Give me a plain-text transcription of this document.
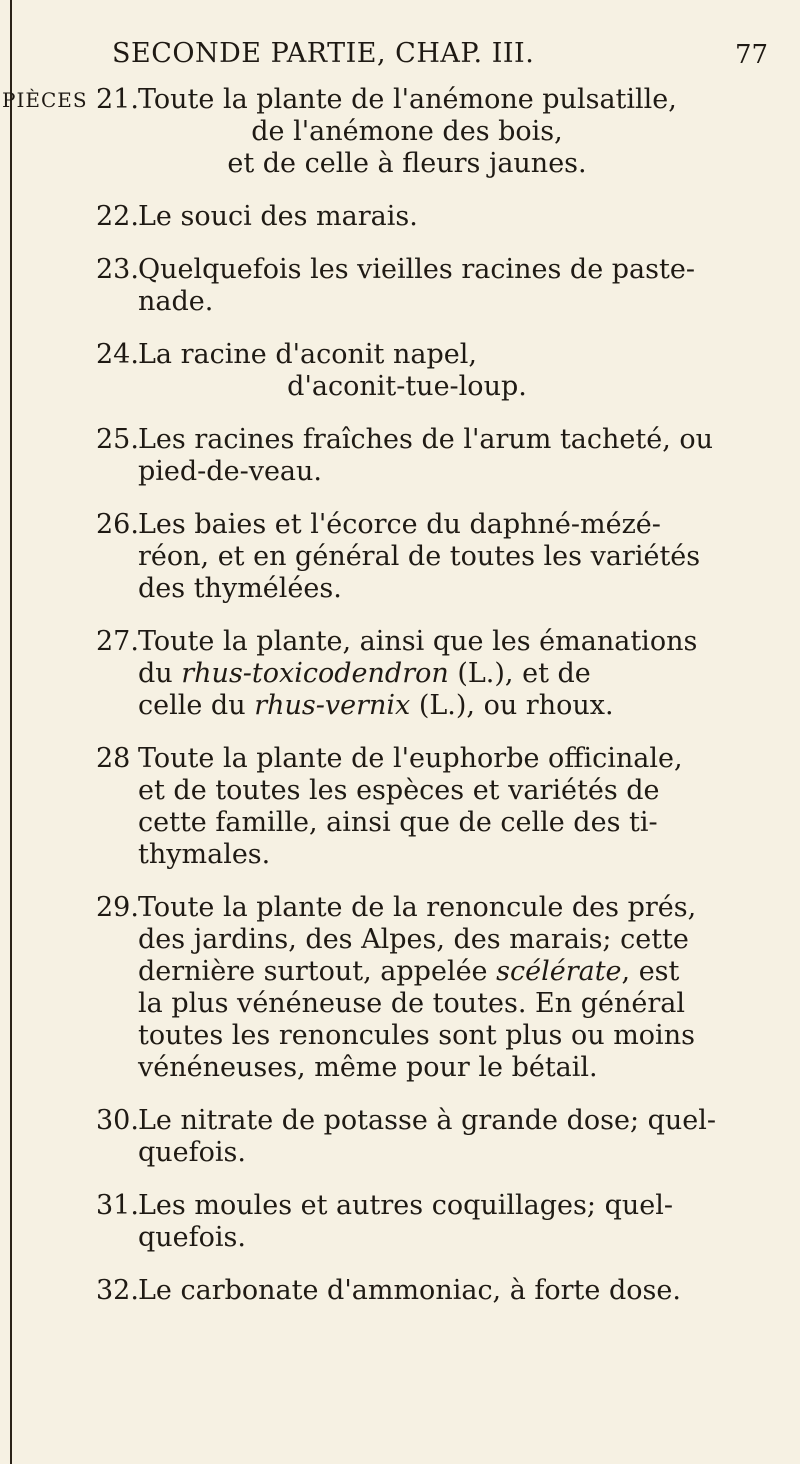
PIÈCES
SECONDE PARTIE, CHAP. III.	77
21. Toute la plante de l'anémone pulsatille,
de l'anémone des bois,
et de celle à fleurs jaunes.
22. Le souci des marais.
23. Quelquefois les vieilles racines de paste-
nade.
24. La racine d'aconit napel,
d'aconit-tue-loup.
25. Les racines fraîches de l'arum tacheté, ou
pied-de-veau.
26. Les baies et l'écorce du daphné-mézé-
réon, et en général de toutes les variétés
des thymélées.
27. Toute la plante, ainsi que les émanations
du rhus-toxicodendron (L.), et de
celle du rhus-vernix (L.), ou rhoux.
28 Toute la plante de l'euphorbe officinale,
et de toutes les espèces et variétés de
cette famille, ainsi que de celle des ti-
thymales.
29. Toute la plante de la renoncule des prés,
des jardins, des Alpes, des marais; cette
dernière surtout, appelée scélérate, est
la plus vénéneuse de toutes. En général
toutes les renoncules sont plus ou moins
vénéneuses, même pour le bétail.
30. Le nitrate de potasse à grande dose; quel-
quefois.
31. Les moules et autres coquillages; quel-
quefois.
32. Le carbonate d'ammoniac, à forte dose.
